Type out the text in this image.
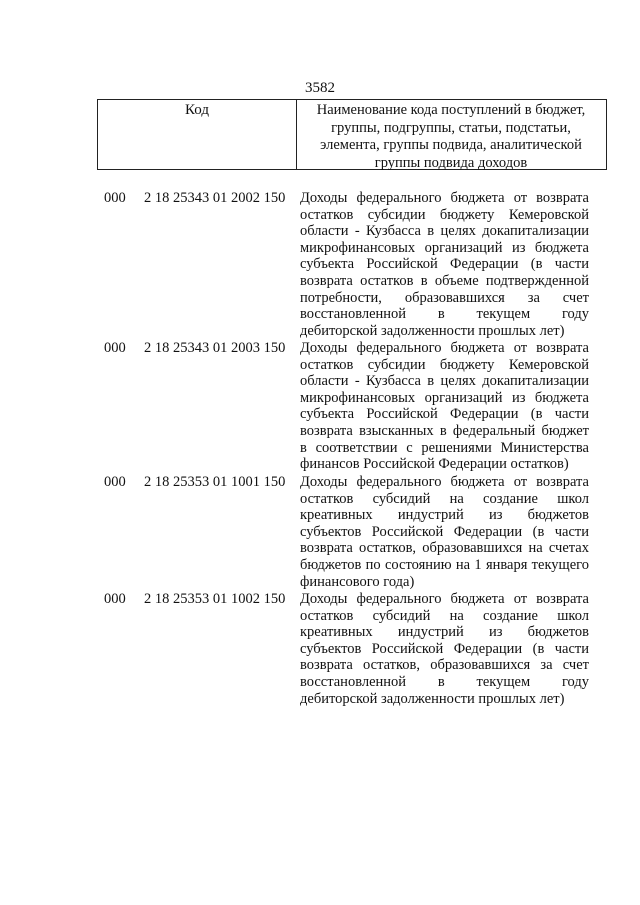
3582
Код	Наименование кода поступлений в бюджет,
группы, подгруппы, статьи, подстатьи,
элемента, группы подвида, аналитической
группы подвида доходов
000 2 18 25343 01 2002 150 Доходы федерального бюджета от возврата
остатков субсидии бюджету Кемеровской
области - Кузбасса в целях докапитализации
микрофинансовых организаций из бюджета
субъекта Российской Федерации (в части
возврата остатков в объеме подтвержденной
потребности, образовавшихся за счет
восстановленной в текущем году
дебиторской задолженности прошлых лет)
000 2 18 25343 01 2003 150 Доходы федерального бюджета от возврата
остатков субсидии бюджету Кемеровской
области - Кузбасса в целях докапитализации
микрофинансовых организаций из бюджета
субъекта Российской Федерации (в части
возврата взысканных в федеральный бюджет
в соответствии с решениями Министерства
финансов Российской Федерации остатков)
000 2 18 25353 01 1001 150 Доходы федерального бюджета от возврата
остатков субсидий на создание школ
креативных индустрий из бюджетов
субъектов Российской Федерации (в части
возврата остатков, образовавшихся на счетах
бюджетов по состоянию на 1 января текущего
финансового года)
000 2 18 25353 01 1002 150 Доходы федерального бюджета от возврата
остатков субсидий на создание школ
креативных индустрий из бюджетов
субъектов Российской Федерации (в части
возврата остатков, образовавшихся за счет
восстановленной в текущем году
дебиторской задолженности прошлых лет)
